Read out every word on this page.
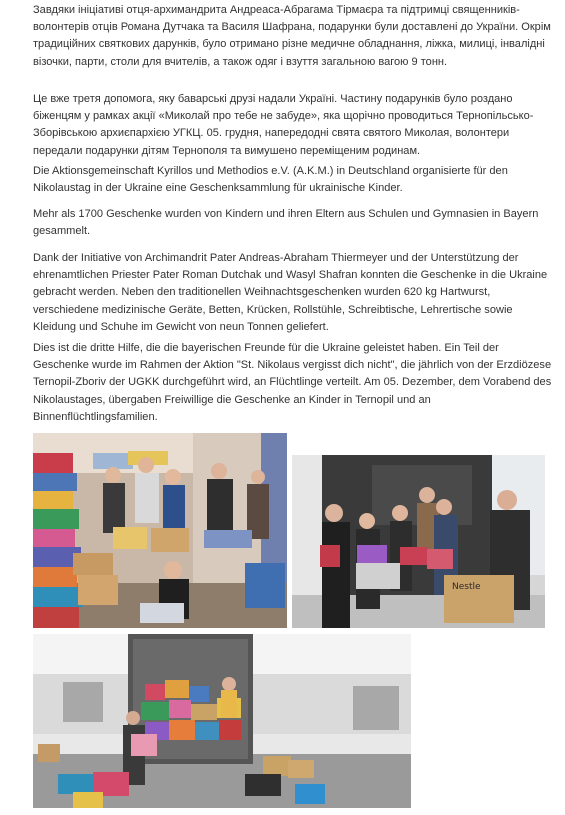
Завдяки ініціативі отця-архимандрита Андреаса-Абрагама Тірмаєра та підтримці священників-волонтерів отців Романа Дутчака та Василя Шафрана, подарунки були доставлені до України. Окрім традиційних святкових дарунків, було отримано різне медичне обладнання, ліжка, милиці, інвалідні візочки, парти, столи для вчителів, а також одяг і взуття загальною вагою 9 тонн.

Це вже третя допомога, яку баварські друзі надали Україні. Частину подарунків було роздано біженцям у рамках акції «Миколай про тебе не забуде», яка щорічно проводиться Тернопільсько-Зборівською архиєпархією УГКЦ. 05. грудня, напередодні свята святого Миколая, волонтери передали подарунки дітям Тернополя та вимушено переміщеним родинам.

Die Aktionsgemeinschaft Kyrillos und Methodios e.V. (A.K.M.) in Deutschland organisierte für den Nikolaustag in der Ukraine eine Geschenksammlung für ukrainische Kinder.

Mehr als 1700 Geschenke wurden von Kindern und ihren Eltern aus Schulen und Gymnasien in Bayern gesammelt.

Dank der Initiative von Archimandrit Pater Andreas-Abraham Thiermeyer und der Unterstützung der ehrenamtlichen Priester Pater Roman Dutchak und Wasyl Shafran konnten die Geschenke in die Ukraine gebracht werden. Neben den traditionellen Weihnachtsgeschenken wurden 620 kg Hartwurst, verschiedene medizinische Geräte, Betten, Krücken, Rollstühle, Schreibtische, Lehrertische sowie Kleidung und Schuhe im Gewicht von neun Tonnen geliefert.

Dies ist die dritte Hilfe, die die bayerischen Freunde für die Ukraine geleistet haben. Ein Teil der Geschenke wurde im Rahmen der Aktion "St. Nikolaus vergisst dich nicht", die jährlich von der Erzdiözese Ternopil-Zboriv der UGKK durchgeführt wird, an Flüchtlinge verteilt. Am 05. Dezember, dem Vorabend des Nikolaustages, übergaben Freiwillige die Geschenke an Kinder in Ternopil und an Binnenflüchtlingsfamilien.

Nestle
